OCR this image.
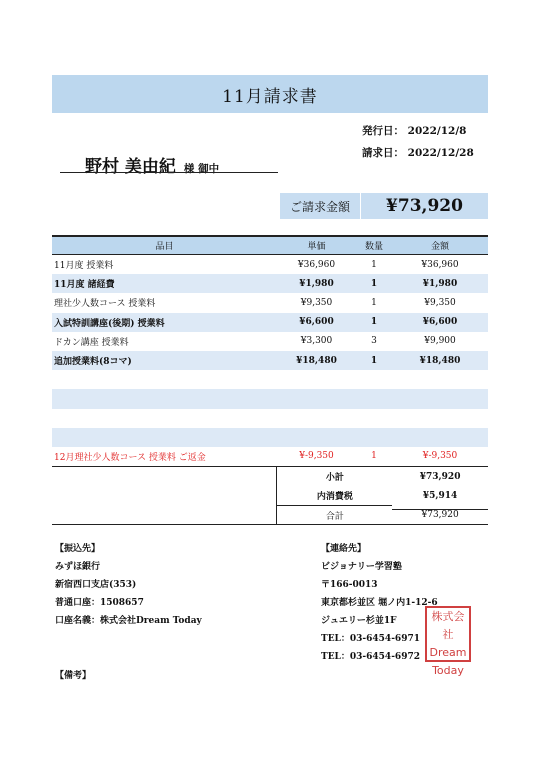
11月請求書
発行日： 2022/12/8
請求日： 2022/12/28
野村 美由紀 様 御中
ご請求金額	¥73,920
品目	単価	数量	金額
11月度 授業料	¥36,960	1	¥36,960
11月度 諸経費	¥1,980	1	¥1,980
理社少人数コース 授業料	¥9,350	1	¥9,350
入試特訓講座(後期) 授業料	¥6,600	1	¥6,600
ドカン講座 授業料	¥3,300	3	¥9,900
追加授業料(8コマ)	¥18,480	1	¥18,480
12月理社少人数コース 授業料 ご返金	¥-9,350	1	¥-9,350
小計	¥73,920
内消費税	¥5,914
合計	¥73,920
【振込先】
みずほ銀行
新宿西口支店(353)
普通口座：1508657
口座名義：株式会社Dream Today
【連絡先】
ビジョナリー学習塾
〒166-0013
東京都杉並区 堀ノ内1-12-6
ジュエリー杉並1F
TEL：03-6454-6971
TEL：03-6454-6972
株式会社
Dream
Today
【備考】
